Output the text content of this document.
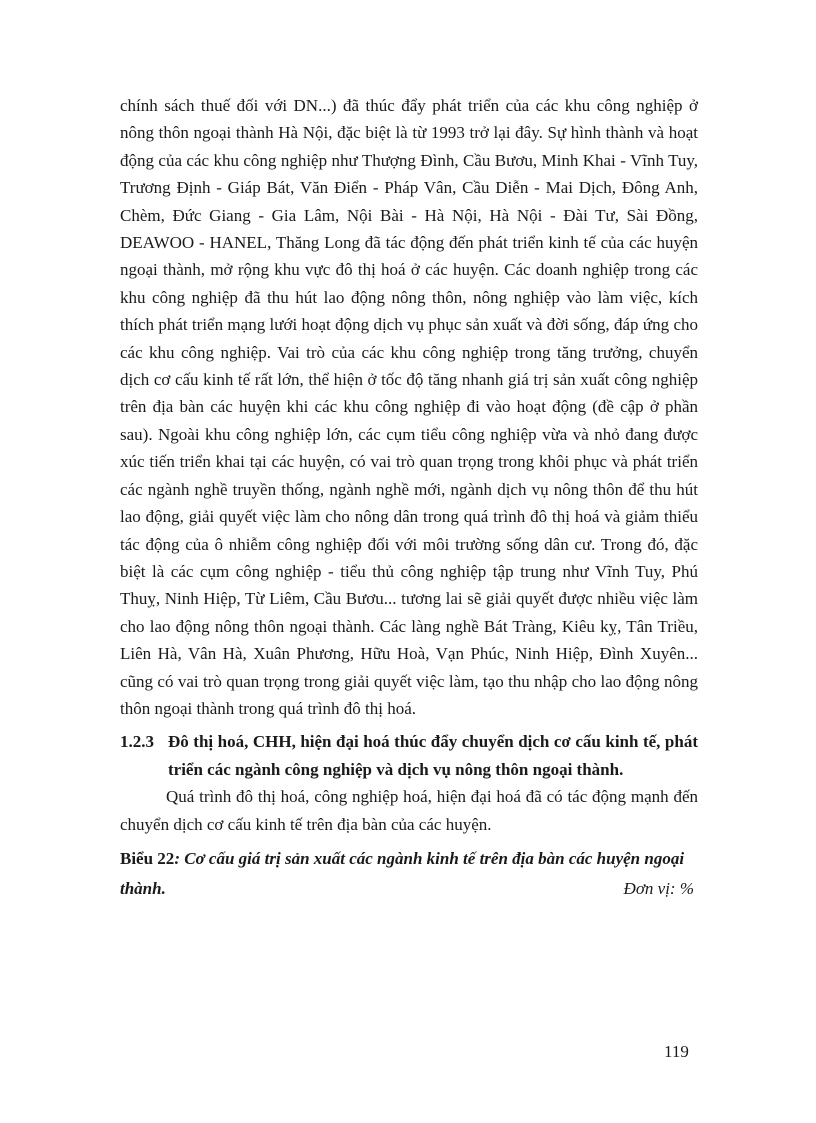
chính sách thuế đối với DN...) đã thúc đẩy phát triển của các khu công nghiệp ở nông thôn ngoại thành Hà Nội, đặc biệt là từ 1993 trở lại đây. Sự hình thành và hoạt động của các khu công nghiệp như Thượng Đình, Cầu Bươu, Minh Khai - Vĩnh Tuy, Trương Định - Giáp Bát, Văn Điển - Pháp Vân, Cầu Diễn - Mai Dịch, Đông Anh, Chèm, Đức Giang - Gia Lâm, Nội Bài - Hà Nội, Hà Nội - Đài Tư, Sài Đồng, DEAWOO - HANEL, Thăng Long đã tác động đến phát triển kinh tế của các huyện ngoại thành, mở rộng khu vực đô thị hoá ở các huyện. Các doanh nghiệp trong các khu công nghiệp đã thu hút lao động nông thôn, nông nghiệp vào làm việc, kích thích phát triển mạng lưới hoạt động dịch vụ phục sản xuất và đời sống, đáp ứng cho các khu công nghiệp. Vai trò của các khu công nghiệp trong tăng trưởng, chuyển dịch cơ cấu kinh tế rất lớn, thể hiện ở tốc độ tăng nhanh giá trị sản xuất công nghiệp trên địa bàn các huyện khi các khu công nghiệp đi vào hoạt động (đề cập ở phần sau). Ngoài khu công nghiệp lớn, các cụm tiểu công nghiệp vừa và nhỏ đang được xúc tiến triển khai tại các huyện, có vai trò quan trọng trong khôi phục và phát triển các ngành nghề truyền thống, ngành nghề mới, ngành dịch vụ nông thôn để thu hút lao động, giải quyết việc làm cho nông dân trong quá trình đô thị hoá và giảm thiểu tác động của ô nhiễm công nghiệp đối với môi trường sống dân cư. Trong đó, đặc biệt là các cụm công nghiệp - tiểu thủ công nghiệp tập trung như Vĩnh Tuy, Phú Thuỵ, Ninh Hiệp, Từ Liêm, Cầu Bươu... tương lai sẽ giải quyết được nhiều việc làm cho lao động nông thôn ngoại thành. Các làng nghề Bát Tràng, Kiêu kỵ, Tân Triều, Liên Hà, Vân Hà, Xuân Phương, Hữu Hoà, Vạn Phúc, Ninh Hiệp, Đình Xuyên... cũng có vai trò quan trọng trong giải quyết việc làm, tạo thu nhập cho lao động nông thôn ngoại thành trong quá trình đô thị hoá.

1.2.3 Đô thị hoá, CHH, hiện đại hoá thúc đẩy chuyển dịch cơ cấu kinh tế, phát triển các ngành công nghiệp và dịch vụ nông thôn ngoại thành.

Quá trình đô thị hoá, công nghiệp hoá, hiện đại hoá đã có tác động mạnh đến chuyển dịch cơ cấu kinh tế trên địa bàn của các huyện.

Biểu 22: Cơ cấu giá trị sản xuất các ngành kinh tế trên địa bàn các huyện ngoại thành.	Đơn vị: %
119
